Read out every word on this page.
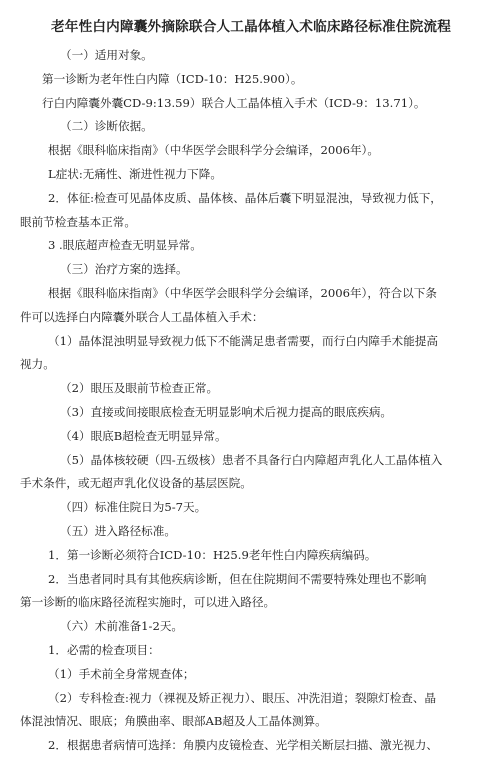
老年性白内障囊外摘除联合人工晶体植入术临床路径标准住院流程
（一）适用对象。
第一诊断为老年性白内障（ICD-10：H25.900）。
行白内障囊外囊CD-9:13.59）联合人工晶体植入手术（ICD-9：13.71）。
（二）诊断依据。
根据《眼科临床指南》（中华医学会眼科学分会编译，2006年）。
L症状:无痛性、渐进性视力下降。
2．体征:检查可见晶体皮质、晶体核、晶体后囊下明显混浊，导致视力低下，
眼前节检查基本正常。
3 .眼底超声检查无明显异常。
（三）治疗方案的选择。
根据《眼科临床指南》（中华医学会眼科学分会编译，2006年），符合以下条
件可以选择白内障囊外联合人工晶体植入手术：
（1）晶体混浊明显导致视力低下不能满足患者需要，而行白内障手术能提高
视力。
（2）眼压及眼前节检查正常。
（3）直接或间接眼底检查无明显影响术后视力提高的眼底疾病。
（4）眼底B超检查无明显异常。
（5）晶体核较硬（四-五级核）患者不具备行白内障超声乳化人工晶体植入
手术条件，或无超声乳化仪设备的基层医院。
（四）标准住院日为5-7天。
（五）进入路径标准。
1．第一诊断必须符合ICD-10：H25.9老年性白内障疾病编码。
2．当患者同时具有其他疾病诊断，但在住院期间不需要特殊处理也不影响
第一诊断的临床路径流程实施时，可以进入路径。
（六）术前准备1-2天。
1．必需的检查项目：
（1）手术前全身常规查体；
（2）专科检查:视力（裸视及矫正视力）、眼压、冲洗泪道；裂隙灯检查、晶
体混浊情况、眼底；角膜曲率、眼部AB超及人工晶体测算。
2．根据患者病情可选择：角膜内皮镜检查、光学相关断层扫描、激光视力、
